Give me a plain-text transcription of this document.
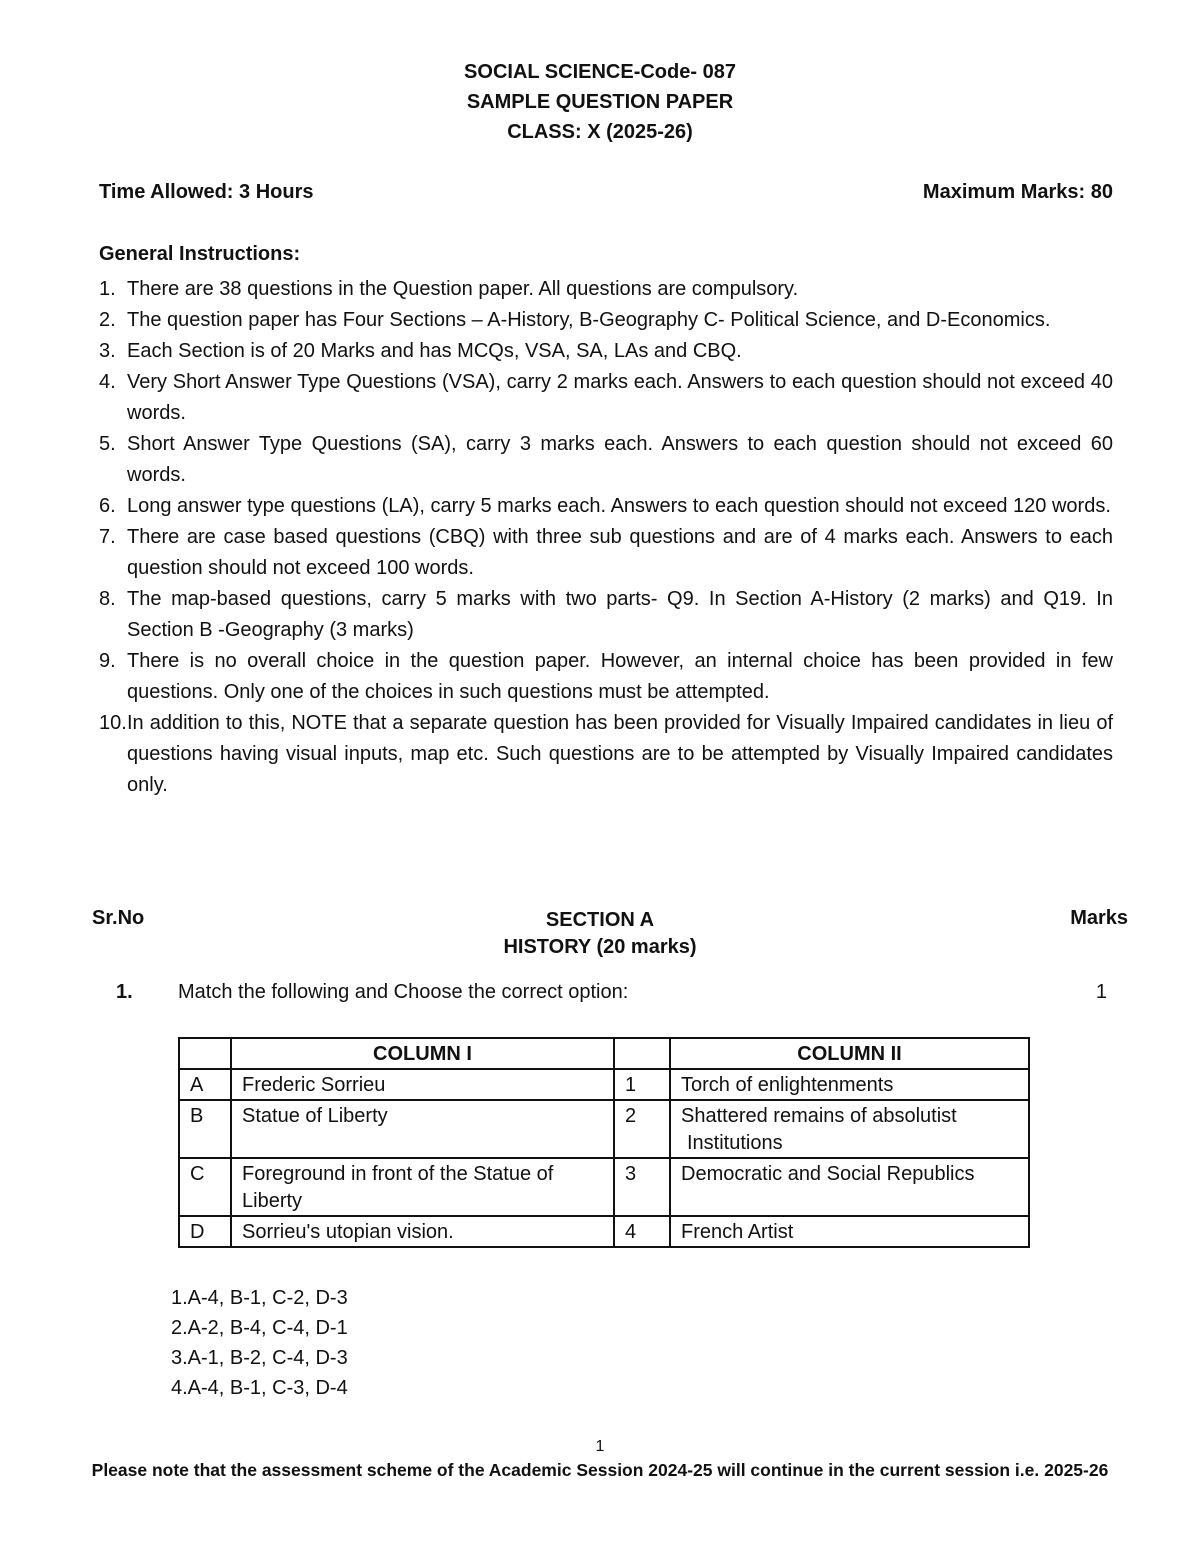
SOCIAL SCIENCE-Code- 087
SAMPLE QUESTION PAPER
CLASS: X (2025-26)
Time Allowed: 3 Hours	Maximum Marks: 80
General Instructions:
1. There are 38 questions in the Question paper. All questions are compulsory.
2. The question paper has Four Sections – A-History, B-Geography C- Political Science, and D-Economics.
3. Each Section is of 20 Marks and has MCQs, VSA, SA, LAs and CBQ.
4. Very Short Answer Type Questions (VSA), carry 2 marks each. Answers to each question should not exceed 40 words.
5. Short Answer Type Questions (SA), carry 3 marks each. Answers to each question should not exceed 60 words.
6. Long answer type questions (LA), carry 5 marks each. Answers to each question should not exceed 120 words.
7. There are case based questions (CBQ) with three sub questions and are of 4 marks each. Answers to each question should not exceed 100 words.
8. The map-based questions, carry 5 marks with two parts- Q9. In Section A-History (2 marks) and Q19. In Section B -Geography (3 marks)
9. There is no overall choice in the question paper. However, an internal choice has been provided in few questions. Only one of the choices in such questions must be attempted.
10. In addition to this, NOTE that a separate question has been provided for Visually Impaired candidates in lieu of questions having visual inputs, map etc. Such questions are to be attempted by Visually Impaired candidates only.
Sr.No	SECTION A
HISTORY (20 marks)
Marks
1. Match the following and Choose the correct option:	1
	COLUMN I		COLUMN II
A	Frederic Sorrieu	1	Torch of enlightenments
B	Statue of Liberty	2	Shattered remains of absolutist
Institutions

C	Foreground in front of the Statue of Liberty	3	Democratic and Social Republics
D	Sorrieu's utopian vision.	4	French Artist
1.A-4, B-1, C-2, D-3
2.A-2, B-4, C-4, D-1
3.A-1, B-2, C-4, D-3
4.A-4, B-1, C-3, D-4
1
Please note that the assessment scheme of the Academic Session 2024-25 will continue in the current session i.e. 2025-26
